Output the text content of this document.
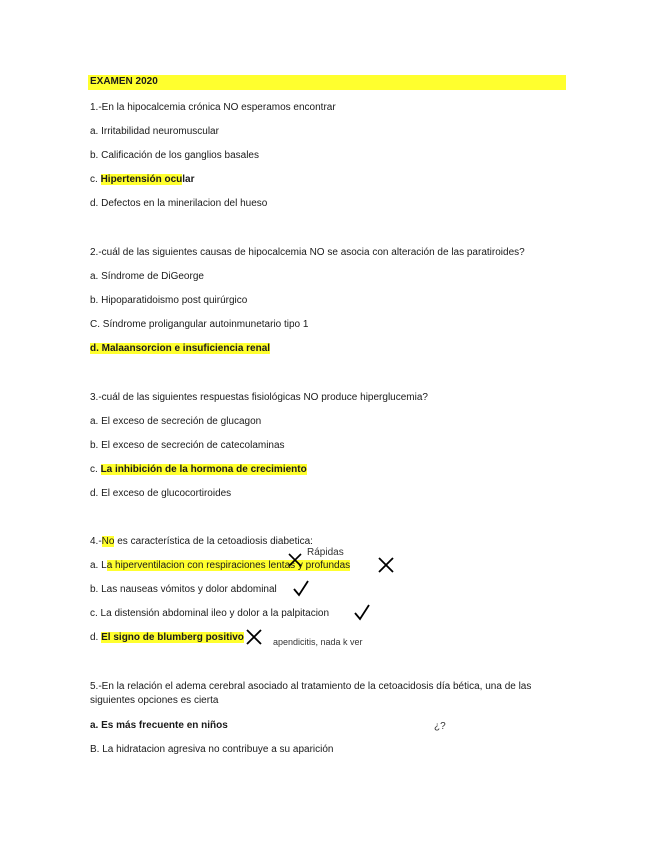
EXAMEN 2020
1.-En la hipocalcemia crónica NO esperamos encontrar
a. Irritabilidad neuromuscular
b. Calificación de los ganglios basales
c. Hipertensión ocular
d. Defectos en la minerilacion del hueso
2.-cuál de las siguientes causas de hipocalcemia NO se asocia con alteración de las paratiroides?
a. Síndrome de DiGeorge
b. Hipoparatidoismo post quirúrgico
C. Síndrome proligangular autoinmunetario tipo 1
d. Malaansorcion e insuficiencia renal
3.-cuál de las siguientes respuestas fisiológicas NO produce hiperglucemia?
a. El exceso de secreción de glucagon
b. El exceso de secreción de catecolaminas
c. La inhibición de la hormona de crecimiento
d. El exceso de glucocortiroides
4.-No es característica de la cetoadiosis diabetica:
Rápidas
a. La hiperventilacion con respiraciones lentas y profundas
b. Las nauseas vómitos y dolor abdominal
c. La distensión abdominal ileo y dolor a la palpitacion
d. El signo de blumberg positivo	apendicitis, nada k ver
5.-En la relación el adema cerebral asociado al tratamiento de la cetoacidosis día bética, una de las siguientes opciones es cierta
a. Es más frecuente en niños	¿?
B. La hidratacion agresiva no contribuye a su aparición
